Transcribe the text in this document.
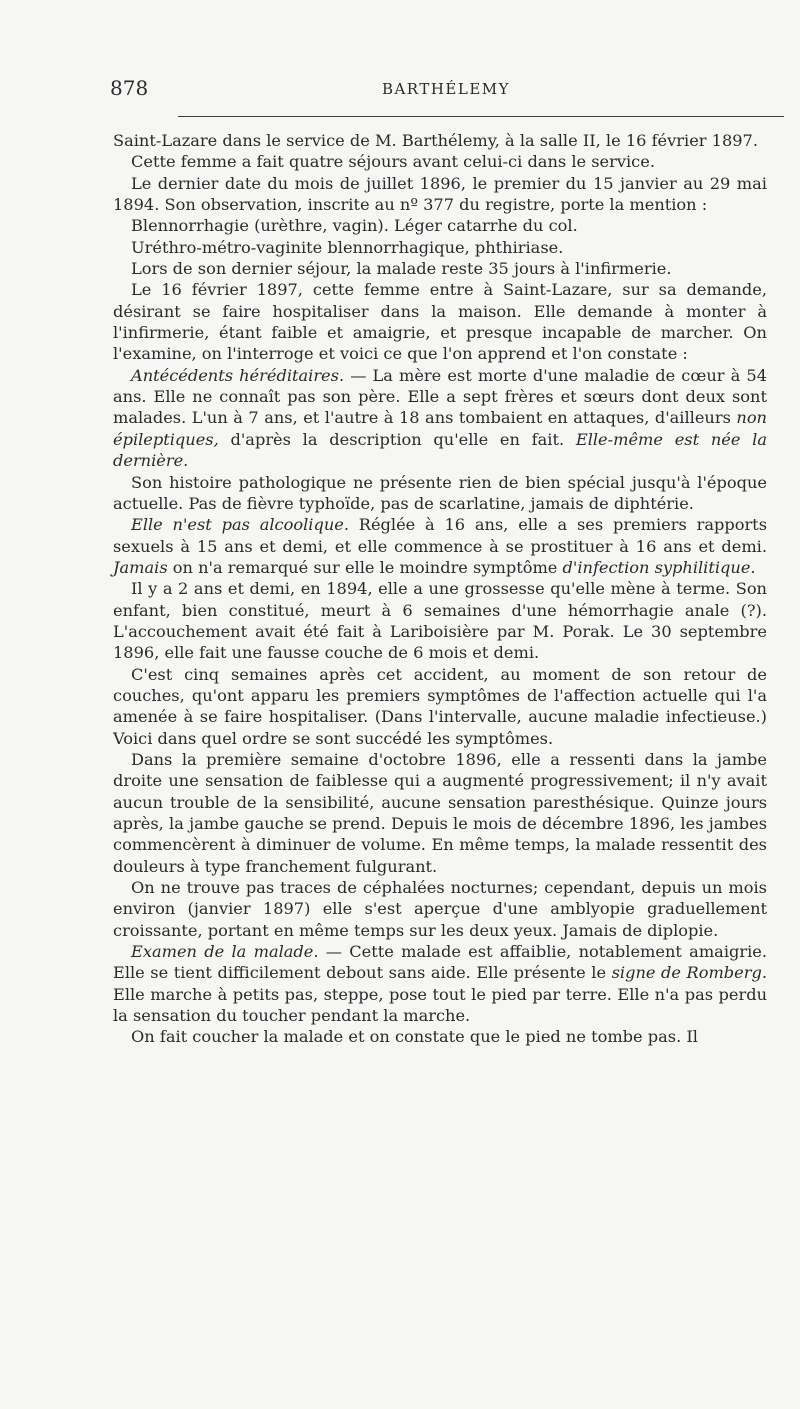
878	BARTHÉLEMY

Saint-Lazare dans le service de M. Barthélemy, à la salle II, le 16 février 1897.

Cette femme a fait quatre séjours avant celui-ci dans le service.

Le dernier date du mois de juillet 1896, le premier du 15 janvier au 29 mai 1894. Son observation, inscrite au nº 377 du registre, porte la mention :

Blennorrhagie (urèthre, vagin). Léger catarrhe du col.

Uréthro-métro-vaginite blennorrhagique, phthiriase.

Lors de son dernier séjour, la malade reste 35 jours à l'infirmerie.

Le 16 février 1897, cette femme entre à Saint-Lazare, sur sa demande, désirant se faire hospitaliser dans la maison. Elle demande à monter à l'infirmerie, étant faible et amaigrie, et presque incapable de marcher. On l'examine, on l'interroge et voici ce que l'on apprend et l'on constate :

Antécédents héréditaires. — La mère est morte d'une maladie de cœur à 54 ans. Elle ne connaît pas son père. Elle a sept frères et sœurs dont deux sont malades. L'un à 7 ans, et l'autre à 18 ans tombaient en attaques, d'ailleurs non épileptiques, d'après la description qu'elle en fait. Elle-même est née la dernière.

Son histoire pathologique ne présente rien de bien spécial jusqu'à l'époque actuelle. Pas de fièvre typhoïde, pas de scarlatine, jamais de diphtérie.

Elle n'est pas alcoolique. Réglée à 16 ans, elle a ses premiers rapports sexuels à 15 ans et demi, et elle commence à se prostituer à 16 ans et demi. Jamais on n'a remarqué sur elle le moindre symptôme d'infection syphilitique.

Il y a 2 ans et demi, en 1894, elle a une grossesse qu'elle mène à terme. Son enfant, bien constitué, meurt à 6 semaines d'une hémorrhagie anale (?). L'accouchement avait été fait à Lariboisière par M. Porak. Le 30 septembre 1896, elle fait une fausse couche de 6 mois et demi.

C'est cinq semaines après cet accident, au moment de son retour de couches, qu'ont apparu les premiers symptômes de l'affection actuelle qui l'a amenée à se faire hospitaliser. (Dans l'intervalle, aucune maladie infectieuse.) Voici dans quel ordre se sont succédé les symptômes.

Dans la première semaine d'octobre 1896, elle a ressenti dans la jambe droite une sensation de faiblesse qui a augmenté progressivement; il n'y avait aucun trouble de la sensibilité, aucune sensation paresthésique. Quinze jours après, la jambe gauche se prend. Depuis le mois de décembre 1896, les jambes commencèrent à diminuer de volume. En même temps, la malade ressentit des douleurs à type franchement fulgurant.

On ne trouve pas traces de céphalées nocturnes; cependant, depuis un mois environ (janvier 1897) elle s'est aperçue d'une amblyopie graduellement croissante, portant en même temps sur les deux yeux. Jamais de diplopie.

Examen de la malade. — Cette malade est affaiblie, notablement amaigrie. Elle se tient difficilement debout sans aide. Elle présente le signe de Romberg. Elle marche à petits pas, steppe, pose tout le pied par terre. Elle n'a pas perdu la sensation du toucher pendant la marche.

On fait coucher la malade et on constate que le pied ne tombe pas. Il
